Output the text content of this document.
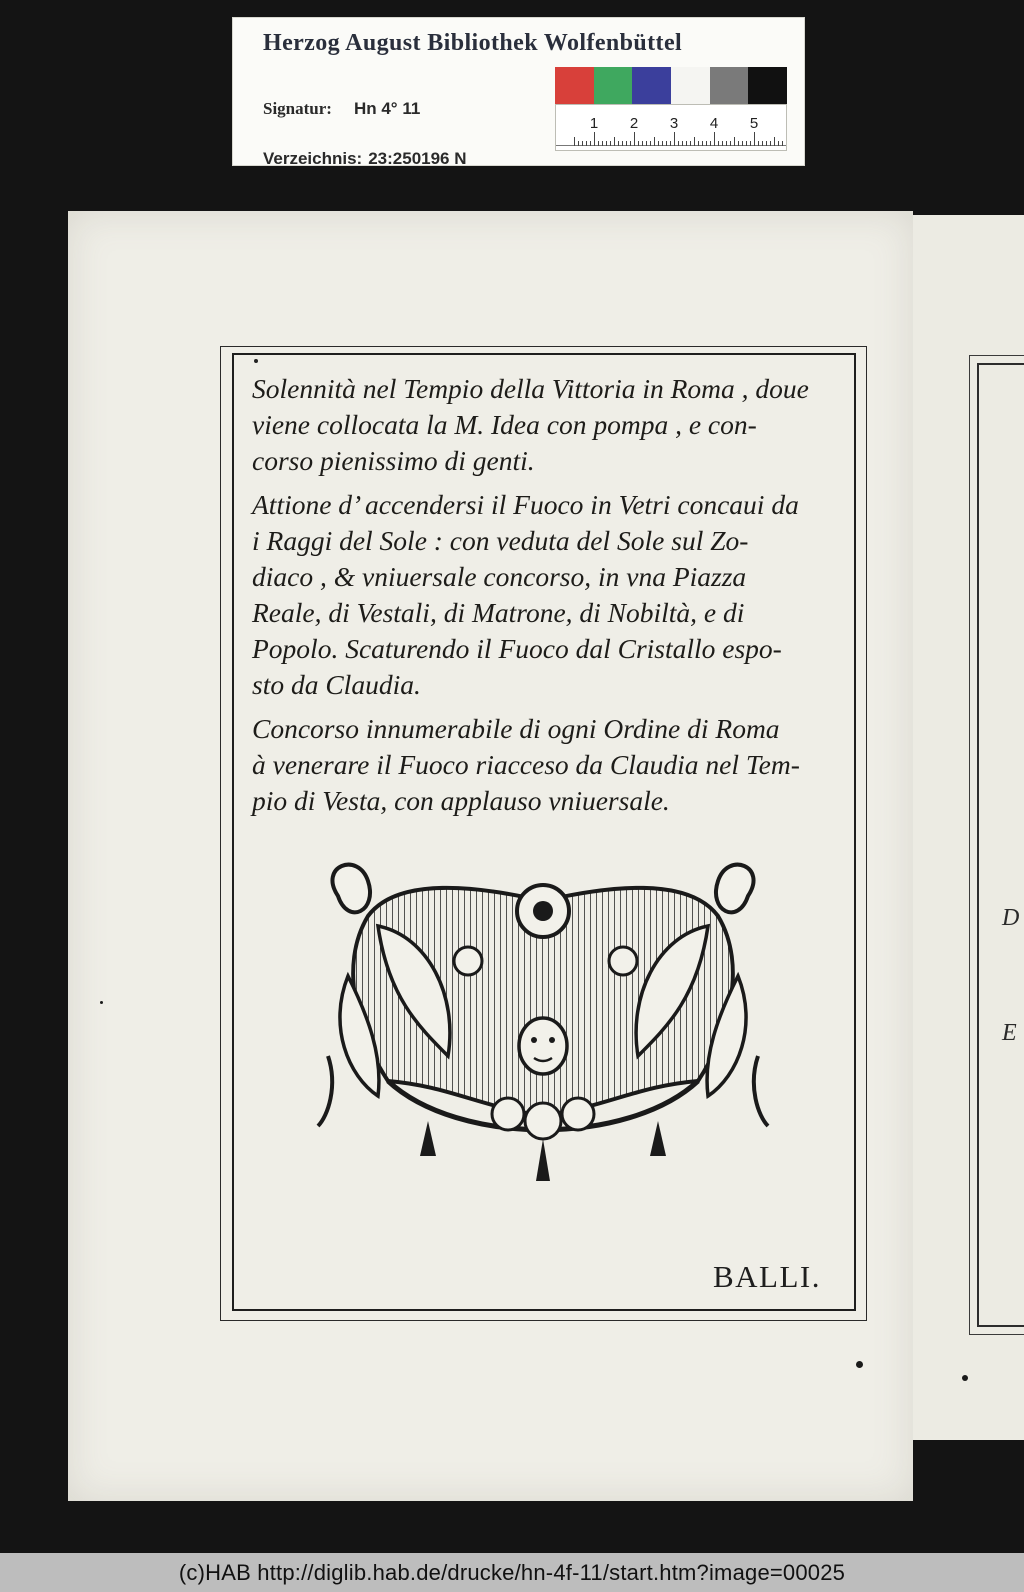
Herzog August Bibliothek Wolfenbüttel
Signatur: Hn 4° 11
Verzeichnis: 23:250196 N
1 2 3 4 5
D
E

Solennità nel Tempio della Vittoria in Roma , doue
viene collocata la M. Idea con pompa , e con-
corso pienissimo di genti.

Attione d’ accendersi il Fuoco in Vetri concaui da
i Raggi del Sole : con veduta del Sole sul Zo-
diaco , & vniuersale concorso, in vna Piazza
Reale, di Vestali, di Matrone, di Nobiltà, e di
Popolo. Scaturendo il Fuoco dal Cristallo espo-
sto da Claudia.

Concorso innumerabile di ogni Ordine di Roma
à venerare il Fuoco riacceso da Claudia nel Tem-
pio di Vesta, con applauso vniuersale.

BALLI.
(c)HAB http://diglib.hab.de/drucke/hn-4f-11/start.htm?image=00025
